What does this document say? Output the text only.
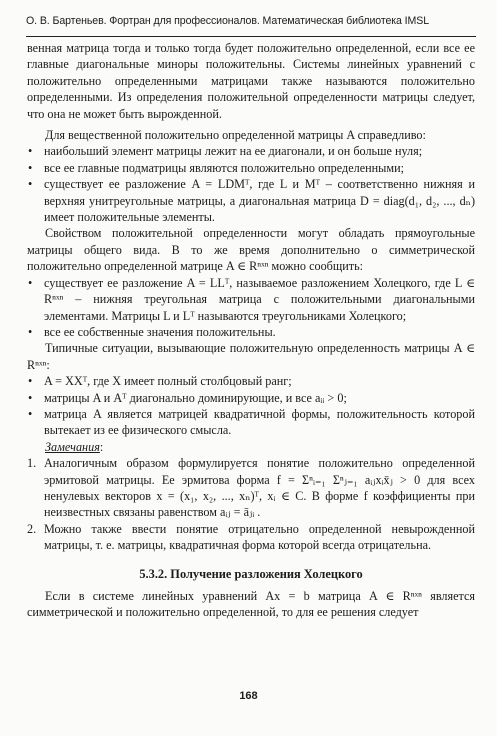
О. В. Бартеньев. Фортран для профессионалов. Математическая библиотека IMSL

венная матрица тогда и только тогда будет положительно определенной, если все ее главные диагональные миноры положительны. Системы линейных уравнений с положительно определенными матрицами также называются положительно определенными. Из определения положительной определенности матрицы следует, что она не может быть вырожденной.

Для вещественной положительно определенной матрицы A справедливо:

• наибольший элемент матрицы лежит на ее диагонали, и он больше нуля;
• все ее главные подматрицы являются положительно определенными;
• существует ее разложение A = LDMᵀ, где L и Mᵀ – соответственно нижняя и верхняя унитреугольные матрицы, а диагональная матрица D = diag(d₁, d₂, ..., dₙ) имеет положительные элементы.

Свойством положительной определенности могут обладать прямоугольные матрицы общего вида. В то же время дополнительно о симметрической положительно определенной матрице A ∈ Rⁿˣⁿ можно сообщить:

• существует ее разложение A = LLᵀ, называемое разложением Холецкого, где L ∈ Rⁿˣⁿ – нижняя треугольная матрица с положительными диагональными элементами. Матрицы L и Lᵀ называются треугольниками Холецкого;
• все ее собственные значения положительны.

Типичные ситуации, вызывающие положительную определенность матрицы A ∈ Rⁿˣⁿ:

• A = XXᵀ, где X имеет полный столбцовый ранг;
• матрицы A и Aᵀ диагонально доминирующие, и все aᵢᵢ > 0;
• матрица A является матрицей квадратичной формы, положительность которой вытекает из ее физического смысла.

Замечания:

1. Аналогичным образом формулируется понятие положительно определенной эрмитовой матрицы. Ее эрмитова форма f = Σⁿᵢ₌₁ Σⁿⱼ₌₁ aᵢⱼxᵢx̄ⱼ > 0 для всех ненулевых векторов x = (x₁, x₂, ..., xₙ)ᵀ, xᵢ ∈ C. В форме f коэффициенты при неизвестных связаны равенством aᵢⱼ = āⱼᵢ .
2. Можно также ввести понятие отрицательно определенной невырожденной матрицы, т. е. матрицы, квадратичная форма которой всегда отрицательна.
5.3.2. Получение разложения Холецкого

Если в системе линейных уравнений Ax = b матрица A ∈ Rⁿˣⁿ является симметрической и положительно определенной, то для ее решения следует

168
